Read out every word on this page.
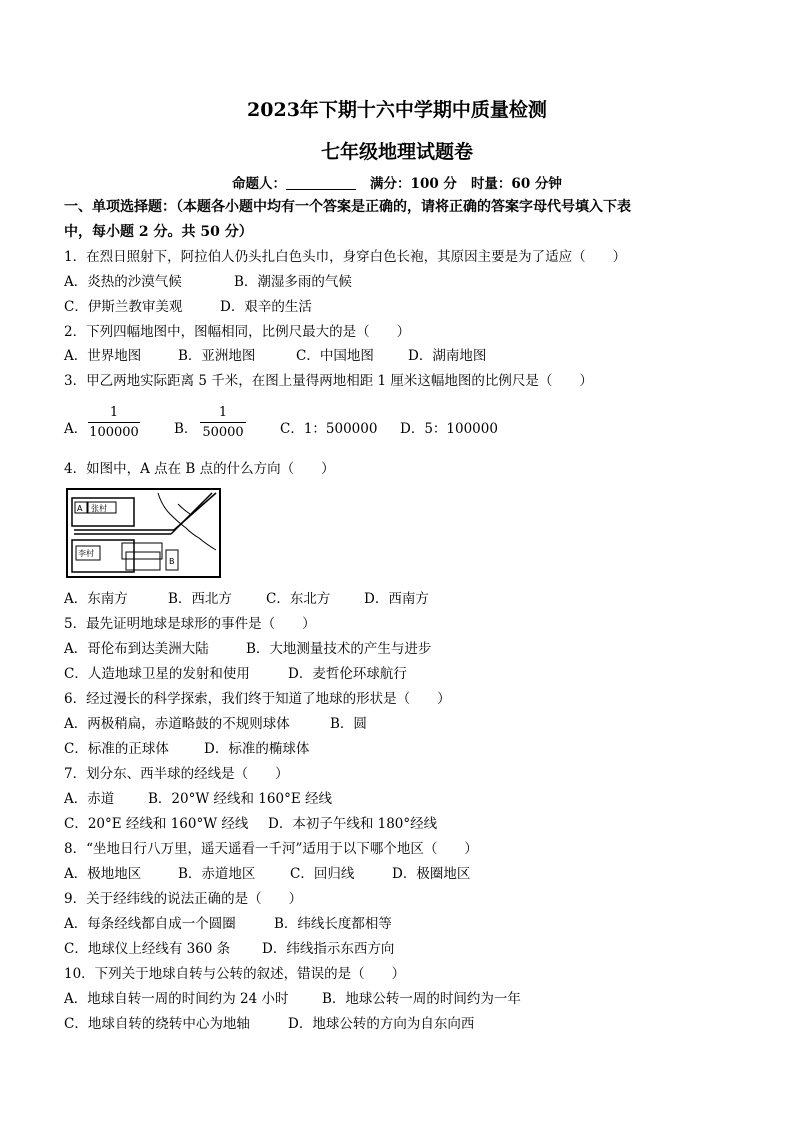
2023年下期十六中学期中质量检测
七年级地理试题卷
命题人：	满分：100 分 时量：60 分钟
一、单项选择题：（本题各小题中均有一个答案是正确的，请将正确的答案字母代号填入下表
中，每小题 2 分。共 50 分）
1．在烈日照射下，阿拉伯人仍头扎白色头巾，身穿白色长袍，其原因主要是为了适应（　　）
A．炎热的沙漠气候	B．潮湿多雨的气候
C．伊斯兰教审美观	D．艰辛的生活
2．下列四幅地图中，图幅相同，比例尺最大的是（　　）
A．世界地图	B．亚洲地图	C．中国地图	D．湖南地图
3．甲乙两地实际距离 5 千米，在图上量得两地相距 1 厘米这幅地图的比例尺是（　　）
A． $\frac{1}{100000}$	B． $\frac{1}{50000}$	C．1：500000 D．5：100000
4．如图中，A 点在 B 点的什么方向（　　）
A 张村
李村
B
A．东南方	B．西北方	C．东北方 D．西南方
5．最先证明地球是球形的事件是（　　）
A．哥伦布到达美洲大陆	B．大地测量技术的产生与进步
C．人造地球卫星的发射和使用	D．麦哲伦环球航行
6．经过漫长的科学探索，我们终于知道了地球的形状是（　　）
A．两极稍扁，赤道略鼓的不规则球体	B．圆
C．标准的正球体	D．标准的椭球体
7．划分东、西半球的经线是（　　）
A．赤道	B．20°W 经线和 160°E 经线
C．20°E 经线和 160°W 经线 D．本初子午线和 180°经线
8．“坐地日行八万里，遥天遥看一千河”适用于以下哪个地区（　　）
A．极地地区	B．赤道地区	C．回归线	D．极圈地区
9．关于经纬线的说法正确的是（　　）
A．每条经线都自成一个圆圈	B．纬线长度都相等
C．地球仪上经线有 360 条 D．纬线指示东西方向
10．下列关于地球自转与公转的叙述，错误的是（　　）
A．地球自转一周的时间约为 24 小时 B．地球公转一周的时间约为一年
C．地球自转的绕转中心为地轴	D．地球公转的方向为自东向西
